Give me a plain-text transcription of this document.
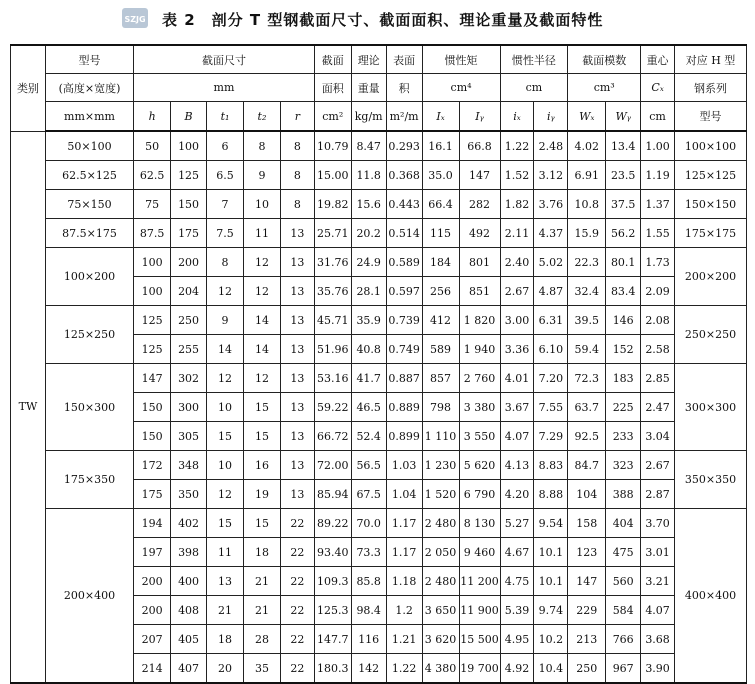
SZJG 表 2　剖分 T 型钢截面尺寸、截面面积、理论重量及截面特性
类别	型号	截面尺寸					截面	理论	表面	惯性矩		惯性半径		截面模数		重心	对应 H 型
	(高度×宽度)	mm					面积	重量	积	cm⁴		cm		cm³		Cₓ	钢系列
	mm×mm	h	B	t₁	t₂	r	cm²	kg/m	m²/m	Iₓ	Iᵧ	iₓ	iᵧ	Wₓ	Wᵧ	cm	型号
TW	50×100	50	100	6	8	8	10.79	8.47	0.293	16.1	66.8	1.22	2.48	4.02	13.4	1.00	100×100
	62.5×125	62.5	125	6.5	9	8	15.00	11.8	0.368	35.0	147	1.52	3.12	6.91	23.5	1.19	125×125
	75×150	75	150	7	10	8	19.82	15.6	0.443	66.4	282	1.82	3.76	10.8	37.5	1.37	150×150
	87.5×175	87.5	175	7.5	11	13	25.71	20.2	0.514	115	492	2.11	4.37	15.9	56.2	1.55	175×175
	100×200	100	200	8	12	13	31.76	24.9	0.589	184	801	2.40	5.02	22.3	80.1	1.73	200×200
		100	204	12	12	13	35.76	28.1	0.597	256	851	2.67	4.87	32.4	83.4	2.09	
	125×250	125	250	9	14	13	45.71	35.9	0.739	412	1 820	3.00	6.31	39.5	146	2.08	250×250
		125	255	14	14	13	51.96	40.8	0.749	589	1 940	3.36	6.10	59.4	152	2.58	
	150×300	147	302	12	12	13	53.16	41.7	0.887	857	2 760	4.01	7.20	72.3	183	2.85	300×300
		150	300	10	15	13	59.22	46.5	0.889	798	3 380	3.67	7.55	63.7	225	2.47	
		150	305	15	15	13	66.72	52.4	0.899	1 110	3 550	4.07	7.29	92.5	233	3.04	
	175×350	172	348	10	16	13	72.00	56.5	1.03	1 230	5 620	4.13	8.83	84.7	323	2.67	350×350
		175	350	12	19	13	85.94	67.5	1.04	1 520	6 790	4.20	8.88	104	388	2.87	
	200×400	194	402	15	15	22	89.22	70.0	1.17	2 480	8 130	5.27	9.54	158	404	3.70	400×400
		197	398	11	18	22	93.40	73.3	1.17	2 050	9 460	4.67	10.1	123	475	3.01	
		200	400	13	21	22	109.3	85.8	1.18	2 480	11 200	4.75	10.1	147	560	3.21	
		200	408	21	21	22	125.3	98.4	1.2	3 650	11 900	5.39	9.74	229	584	4.07	
		207	405	18	28	22	147.7	116	1.21	3 620	15 500	4.95	10.2	213	766	3.68	
		214	407	20	35	22	180.3	142	1.22	4 380	19 700	4.92	10.4	250	967	3.90	
